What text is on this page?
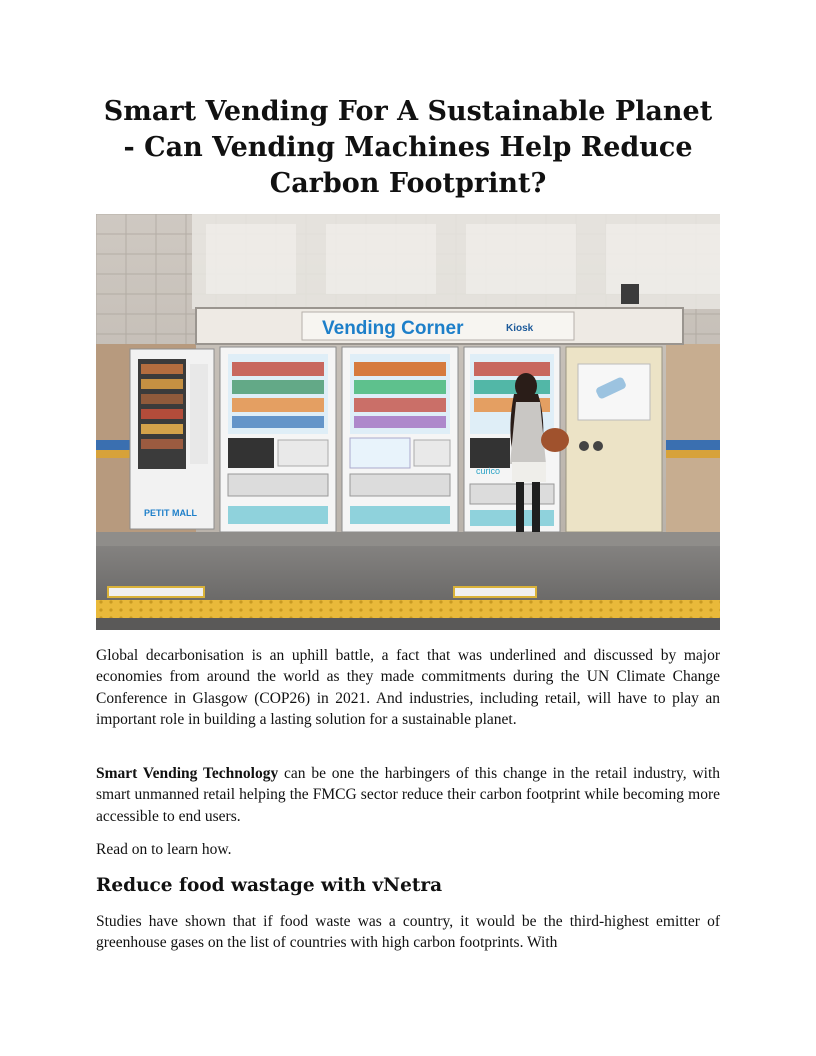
Smart Vending For A Sustainable Planet - Can Vending Machines Help Reduce Carbon Footprint?
Vending Corner	Kiosk
PETIT MALL
curico

Global decarbonisation is an uphill battle, a fact that was underlined and discussed by major economies from around the world as they made commitments during the UN Climate Change Conference in Glasgow (COP26) in 2021. And industries, including retail, will have to play an important role in building a lasting solution for a sustainable planet.

Smart Vending Technology can be one the harbingers of this change in the retail industry, with smart unmanned retail helping the FMCG sector reduce their carbon footprint while becoming more accessible to end users.

Read on to learn how.

Reduce food wastage with vNetra

Studies have shown that if food waste was a country, it would be the third-highest emitter of greenhouse gases on the list of countries with high carbon footprints. With
